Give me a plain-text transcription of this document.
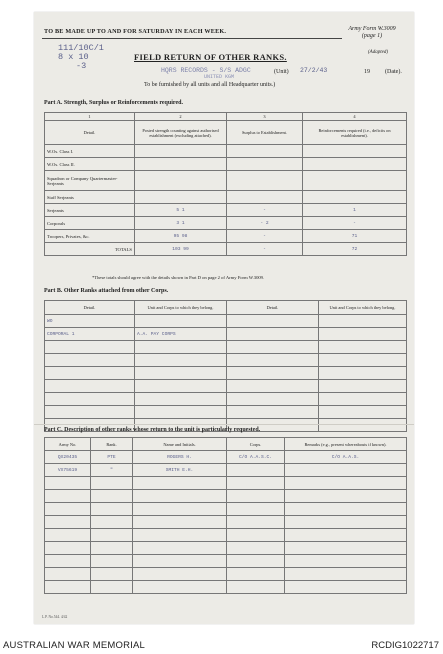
TO BE MADE UP TO AND FOR SATURDAY IN EACH WEEK.	Army Form W.3009
(page 1)
(Adapted)
111/10C/1
8 x 10
-3
FIELD RETURN OF OTHER RANKS.
HQRS RECORDS - S/S ADGC	(Unit) 27/2/43	19	(Date).
UNITED KGM
To be furnished by all units and all Headquarter units.)
Part A. Strength, Surplus or Reinforcements required.
1	2	3	4
Detail.	Posted strength counting against authorised establishment (excluding attached).	Surplus to Establishment.	Reinforcements required (i.e., deficits on establishment).
W.Os. Class I.			
W.Os. Class II.			
Squadron or Company Quartermaster-Serjeants			
Staff Serjeants			
Serjeants	5 1	-	1
Corporals	3 1	- 2	-
Troopers, Privates, &c.	95 98	-	71
TOTALS	103 99	-	72
*These totals should agree with the details shown in Part D on page 2 of Army Form W.3009.
Part B. Other Ranks attached from other Corps.
Detail.	Unit and Corps to which they belong.	Detail.	Unit and Corps to which they belong.
WO			
CORPORAL 1	A.A. PAY CORPS		

Part C. Description of other ranks whose return to the unit is particularly requested.
Army No.	Rank.	Name and Initials.	Corps.	Remarks (e.g., present whereabouts if known).
QX20435	PTE	ROGERS H.	C/O A.A.S.C.	C/O A.A.S.
VX75619	"	SMITH E.H.		

L.P. No.544. 4/42
AUSTRALIAN WAR MEMORIAL	RCDIG1022717
